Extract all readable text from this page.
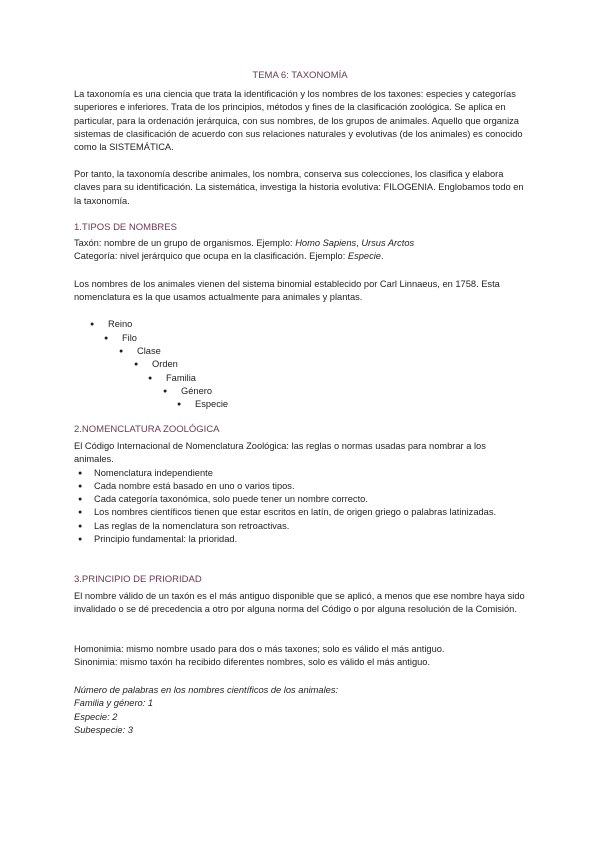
TEMA 6: TAXONOMÍA

La taxonomía es una ciencia que trata la identificación y los nombres de los taxones: especies y categorías superiores e inferiores. Trata de los principios, métodos y fines de la clasificación zoológica. Se aplica en particular, para la ordenación jerárquica, con sus nombres, de los grupos de animales. Aquello que organiza sistemas de clasificación de acuerdo con sus relaciones naturales y evolutivas (de los animales) es conocido como la SISTEMÁTICA.

Por tanto, la taxonomía describe animales, los nombra, conserva sus colecciones, los clasifica y elabora claves para su identificación. La sistemática, investiga la historia evolutiva: FILOGENIA. Englobamos todo en la taxonomía.

1.TIPOS DE NOMBRES

Taxón: nombre de un grupo de organismos. Ejemplo: Homo Sapiens, Ursus Arctos

Categoría: nivel jerárquico que ocupa en la clasificación. Ejemplo: Especie.

Los nombres de los animales vienen del sistema binomial establecido por Carl Linnaeus, en 1758. Esta nomenclatura es la que usamos actualmente para animales y plantas.

● Reino
● Filo
● Clase
● Orden
● Familia
● Género
● Especie
2.NOMENCLATURA ZOOLÓGICA

El Código Internacional de Nomenclatura Zoológica: las reglas o normas usadas para nombrar a los animales.

● Nomenclatura independiente
● Cada nombre está basado en uno o varios tipos.
● Cada categoría taxonómica, solo puede tener un nombre correcto.
● Los nombres científicos tienen que estar escritos en latín, de origen griego o palabras latinizadas.
● Las reglas de la nomenclatura son retroactivas.
● Principio fundamental: la prioridad.
3.PRINCIPIO DE PRIORIDAD

El nombre válido de un taxón es el más antiguo disponible que se aplicó, a menos que ese nombre haya sido invalidado o se dé precedencia a otro por alguna norma del Código o por alguna resolución de la Comisión.

Homonimia: mismo nombre usado para dos o más taxones; solo es válido el más antiguo.

Sinonimia: mismo taxón ha recibido diferentes nombres, solo es válido el más antiguo.

Número de palabras en los nombres científicos de los animales:

Familia y género: 1

Especie: 2

Subespecie: 3
